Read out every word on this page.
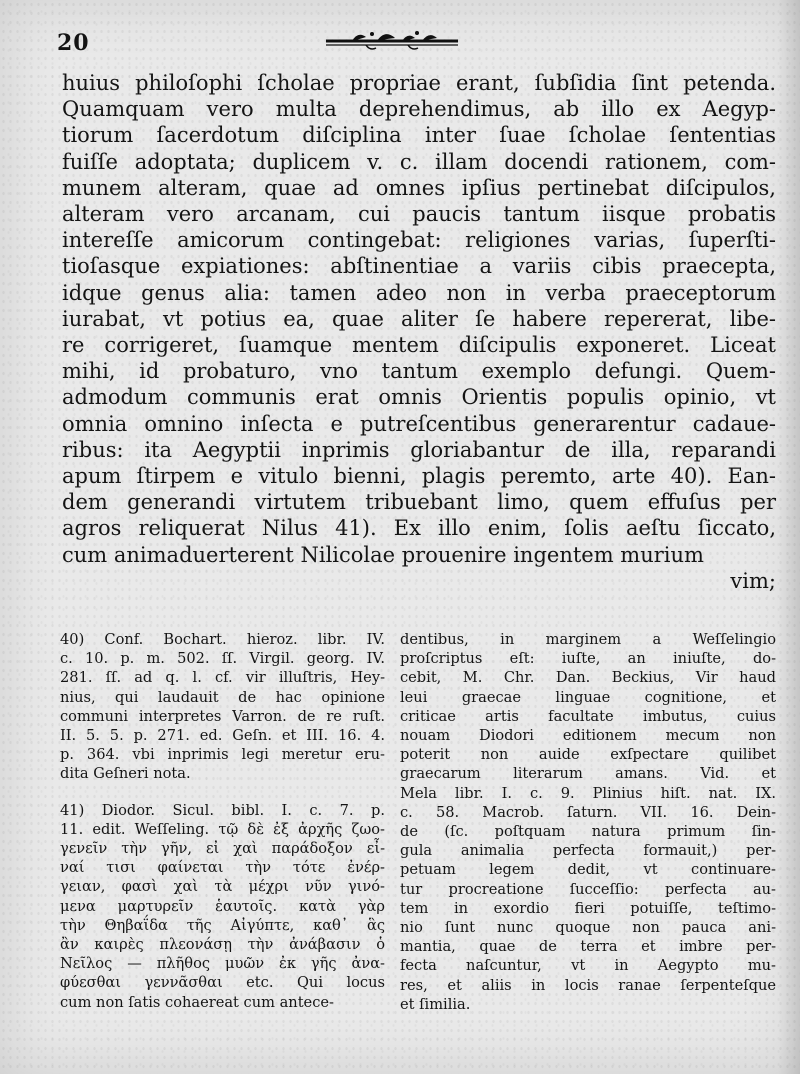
20
huius philoſophi ſcholae propriae erant, ſubſidia ſint petenda.
Quamquam vero multa deprehendimus, ab illo ex Aegyp-
tiorum ſacerdotum diſciplina inter ſuae ſcholae ſententias
fuiſſe adoptata; duplicem v. c. illam docendi rationem, com-
munem alteram, quae ad omnes ipſius pertinebat diſcipulos,
alteram vero arcanam, cui paucis tantum iisque probatis
intereſſe amicorum contingebat: religiones varias, ſuperſti-
tioſasque expiationes: abſtinentiae a variis cibis praecepta,
idque genus alia: tamen adeo non in verba praeceptorum
iurabat, vt potius ea, quae aliter ſe habere repererat, libe-
re corrigeret, ſuamque mentem diſcipulis exponeret. Liceat
mihi, id probaturo, vno tantum exemplo defungi. Quem-
admodum communis erat omnis Orientis populis opinio, vt
omnia omnino inſecta e putreſcentibus generarentur cadaue-
ribus: ita Aegyptii inprimis gloriabantur de illa, reparandi
apum ſtirpem e vitulo bienni, plagis peremto, arte 40). Ean-
dem generandi virtutem tribuebant limo, quem effuſus per
agros reliquerat Nilus 41). Ex illo enim, ſolis aeſtu ſiccato,
cum animaduerterent Nilicolae prouenire ingentem murium
vim;
40) Conf. Bochart. hieroz. libr. IV.
c. 10. p. m. 502. ſſ. Virgil. georg. IV.
281. ſſ. ad q. l. cf. vir illuſtris, Hey-
nius, qui laudauit de hac opinione
communi interpretes Varron. de re ruſt.
II. 5. 5. p. 271. ed. Geſn. et III. 16. 4.
p. 364. vbi inprimis legi meretur eru-
dita Geſneri nota.
41) Diodor. Sicul. bibl. I. c. 7. p.
11. edit. Weſſeling. τῷ δὲ ἐξ ἀρχῆς ζωο-
γενεῖν τὴν γῆν, εἰ χαὶ παράδοξον εἶ-
ναί τισι φαίνεται τὴν τότε ἐνέρ-
γειαν, φασὶ χαὶ τὰ μέχρι νῦν γινό-
μενα μαρτυρεῖν ἑαυτοῖς. κατὰ γὰρ
τὴν Θηβαΐδα τῆς Αἰγύπτε, καθ᾽ ἃς
ἂν καιρὲς πλεονάσῃ τὴν ἀνάβασιν ὁ
Νεῖλος — πλῆθος μυῶν ἐκ γῆς ἀνα-
φύεσθαι γεννᾶσθαι etc. Qui locus
cum non ſatis cohaereat cum antece-
dentibus, in marginem a Weſſelingio
proſcriptus eſt: iuſte, an iniuſte, do-
cebit, M. Chr. Dan. Beckius, Vir haud
leui graecae linguae cognitione, et
criticae artis facultate imbutus, cuius
nouam Diodori editionem mecum non
poterit non auide exſpectare quilibet
graecarum literarum amans. Vid. et
Mela libr. I. c. 9. Plinius hiſt. nat. IX.
c. 58. Macrob. ſaturn. VII. 16. Dein-
de (ſc. poſtquam natura primum ſin-
gula animalia perfecta formauit,) per-
petuam legem dedit, vt continuare-
tur procreatione ſucceſſio: perfecta au-
tem in exordio fieri potuiſſe, teſtimo-
nio ſunt nunc quoque non pauca ani-
mantia, quae de terra et imbre per-
fecta naſcuntur, vt in Aegypto mu-
res, et aliis in locis ranae ſerpenteſque
et ſimilia.
